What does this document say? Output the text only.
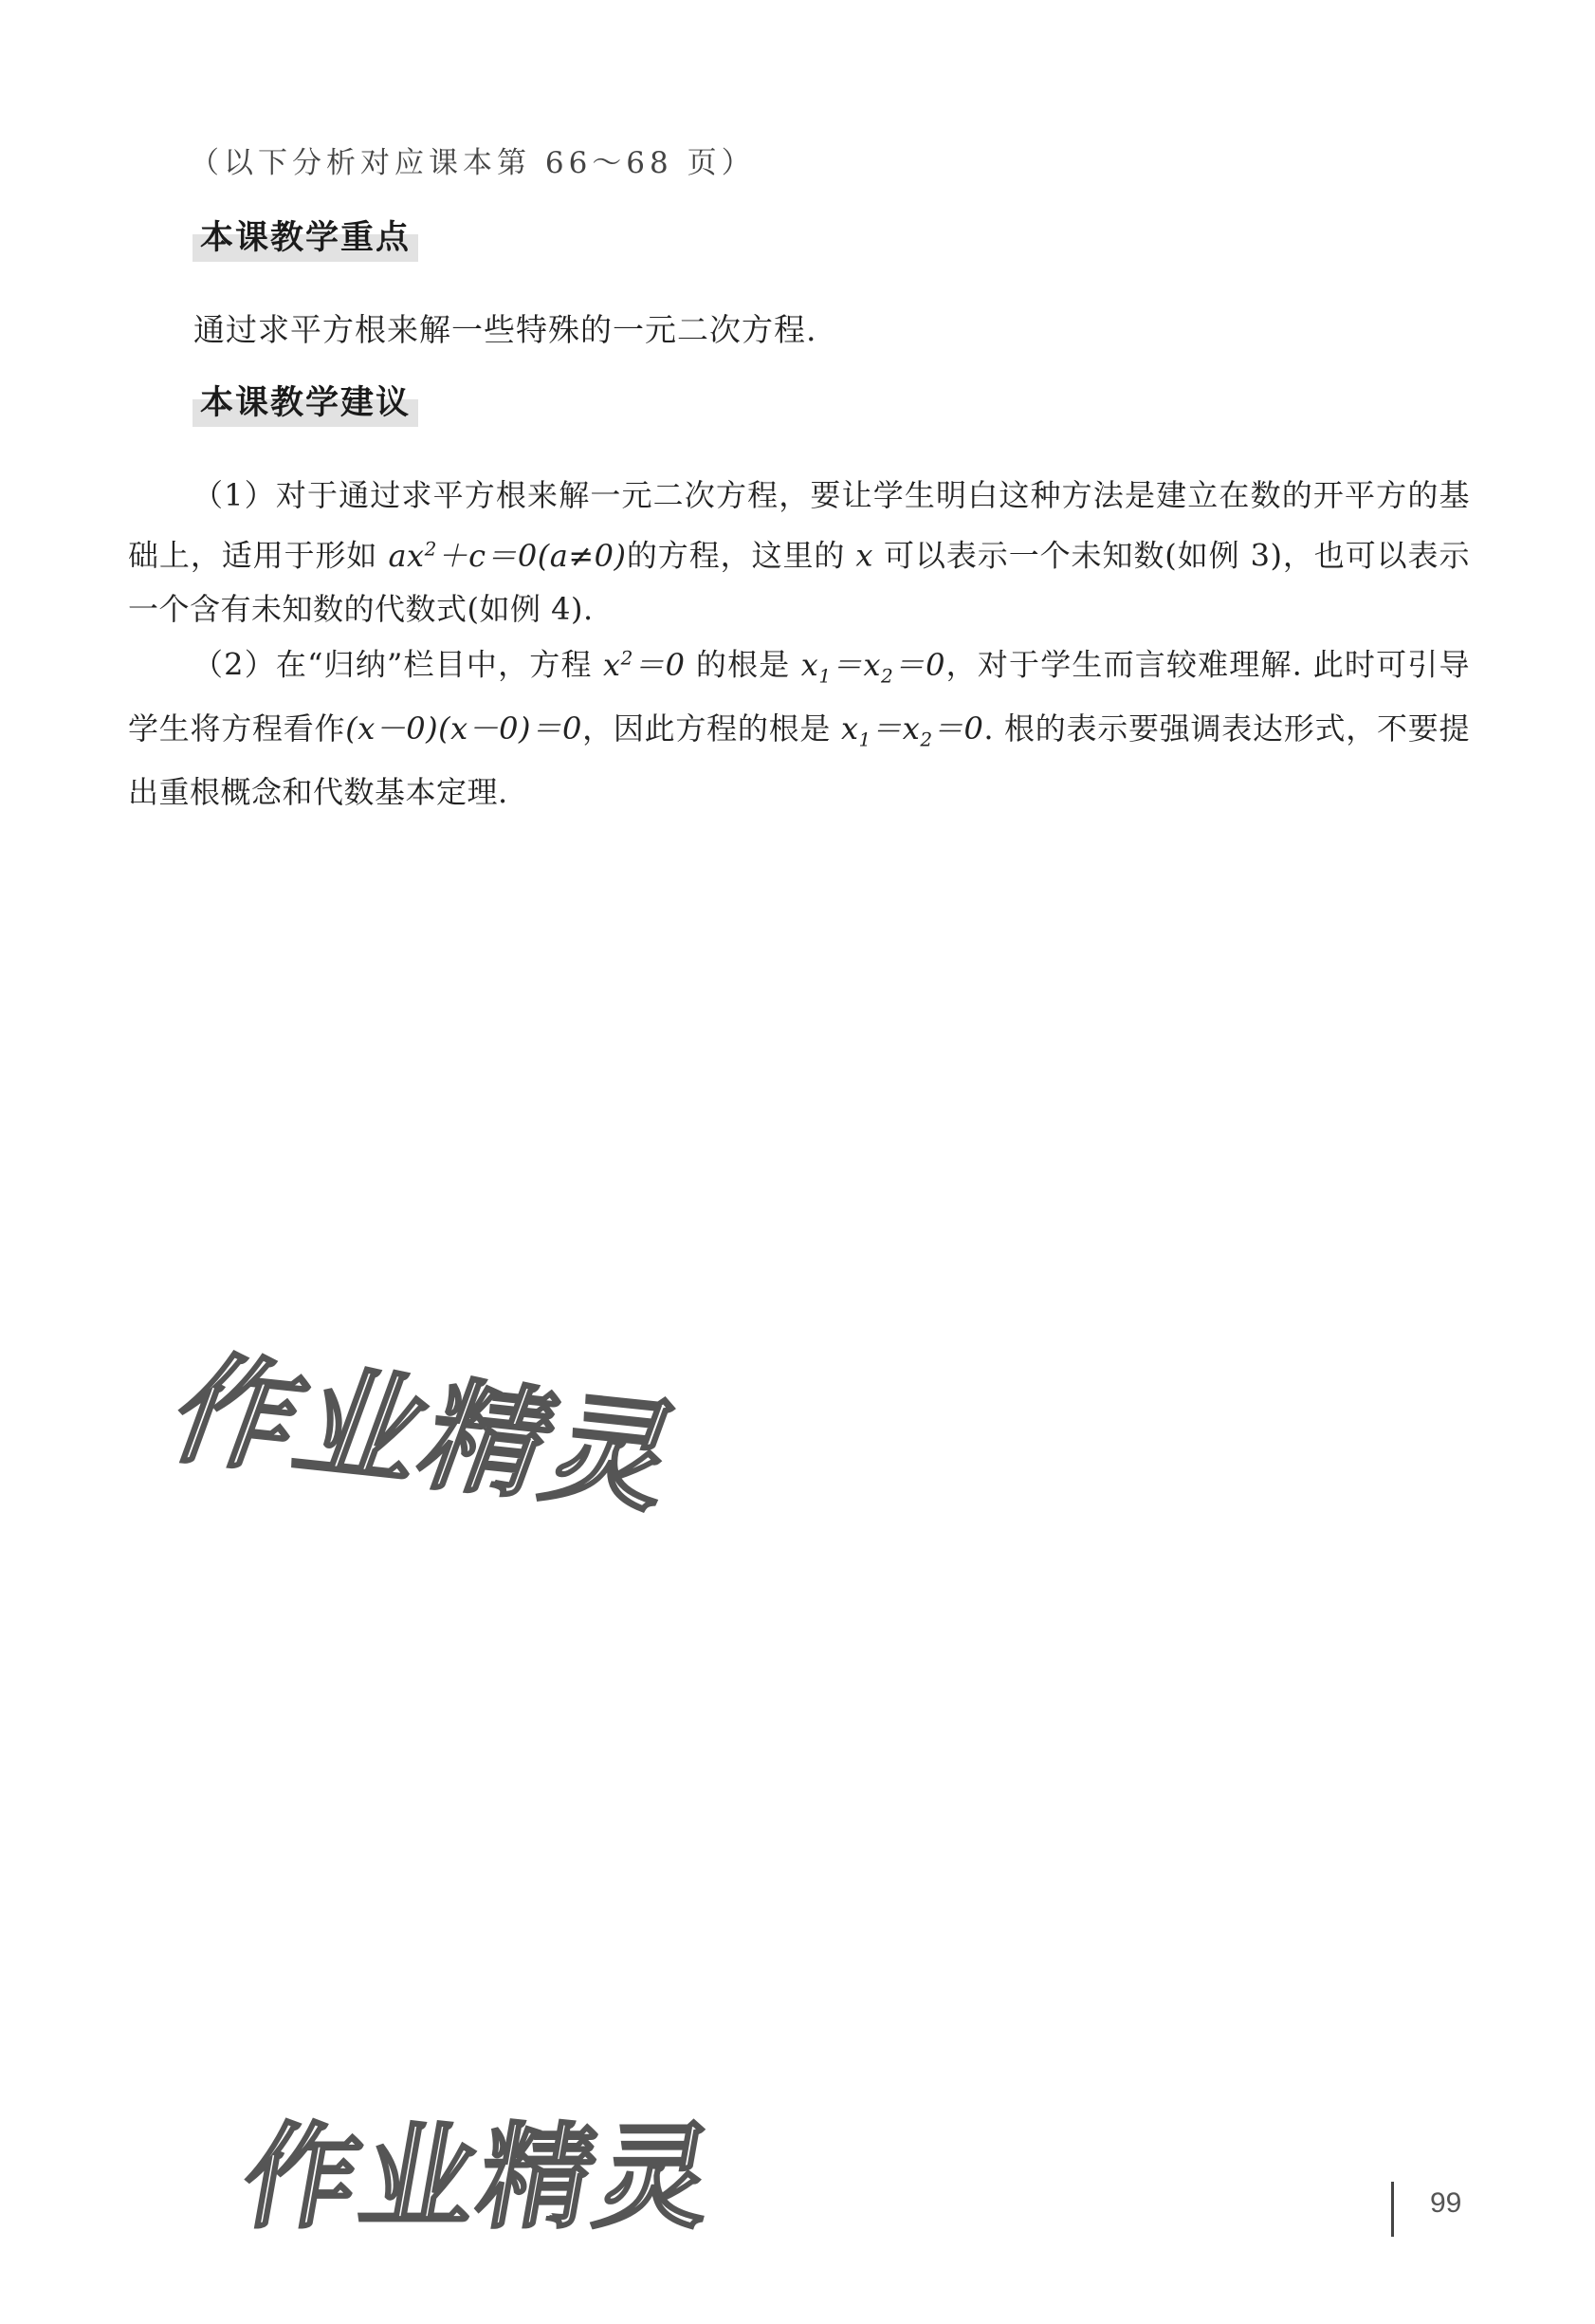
（以下分析对应课本第 66～68 页）
本课教学重点
通过求平方根来解一些特殊的一元二次方程.
本课教学建议
（1）对于通过求平方根来解一元二次方程，要让学生明白这种方法是建立在数的开平方的基础上，适用于形如 $ax^2+c=0(a\ne 0)$的方程，这里的 x 可以表示一个未知数(如例 3)，也可以表示一个含有未知数的代数式(如例 4).
（2）在“归纳”栏目中，方程 $x^2=0$ 的根是 $x_1=x_2=0$，对于学生而言较难理解. 此时可引导学生将方程看作(x－0)(x－0)＝0，因此方程的根是 $x_1=x_2=0$. 根的表示要强调表达形式，不要提出重根概念和代数基本定理.
作业精灵
作业精灵	99
